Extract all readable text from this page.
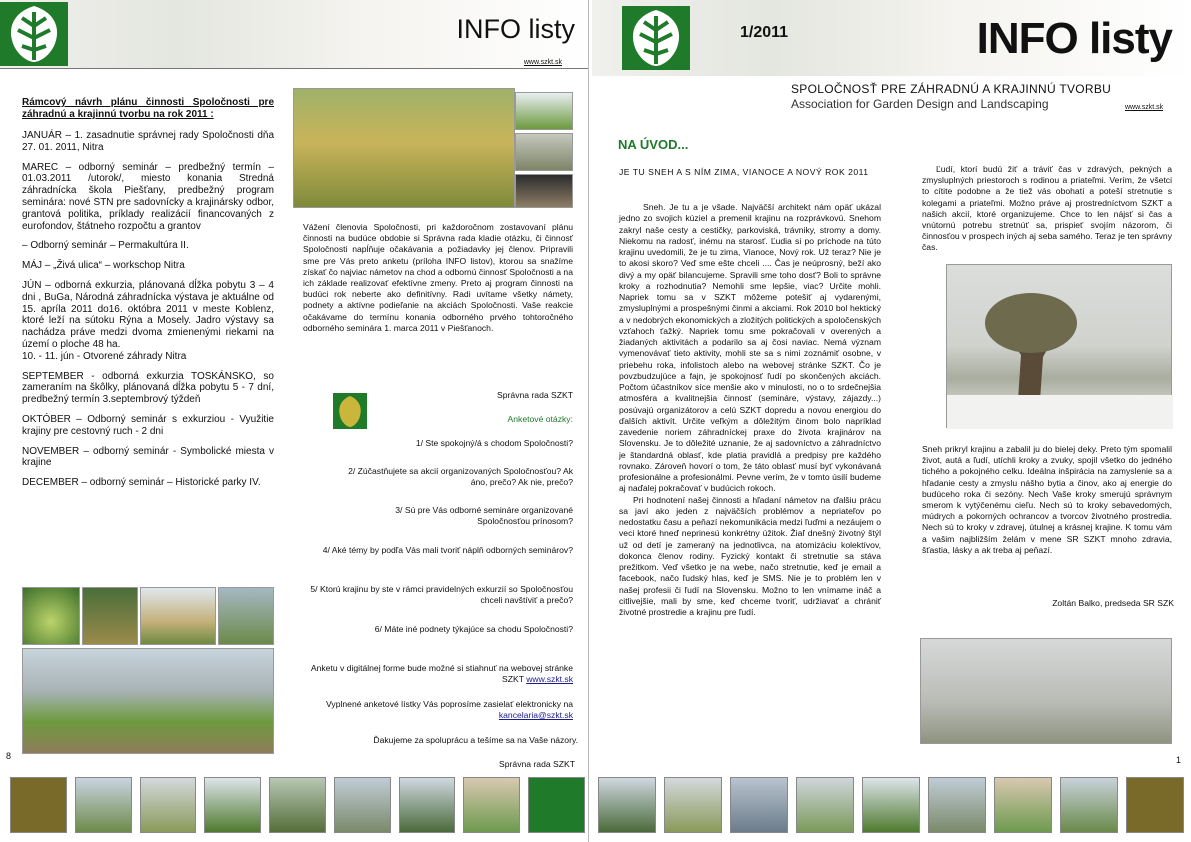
INFO listy
www.szkt.sk
Rámcový návrh plánu činnosti Spoločnosti pre záhradnú a krajinnú tvorbu na rok 2011 :

JANUÁR – 1. zasadnutie správnej rady Spoločnosti dňa 27. 01. 2011, Nitra

MAREC – odborný seminár – predbežný termín – 01.03.2011 /utorok/, miesto konania Stredná záhradnícka škola Piešťany, predbežný program seminára: nové STN pre sadovnícky a krajinársky odbor, grantová politika, príklady realizácií financovaných z eurofondov, štátneho rozpočtu a grantov

– Odborný seminár – Permakultúra II.

MÁJ – „Živá ulica“ – workschop Nitra

JÚN – odborná exkurzia, plánovaná dĺžka pobytu 3 – 4 dni , BuGa, Národná záhradnícka výstava je aktuálne od 15. apríla 2011 do16. októbra 2011 v meste Koblenz, ktoré leží na sútoku Rýna a Mosely. Jadro výstavy sa nachádza práve medzi dvoma zmienenými riekami na území o ploche 48 ha.

10. - 11. jún - Otvorené záhrady Nitra

SEPTEMBER - odborná exkurzia TOSKÁNSKO, so zameraním na škôlky, plánovaná dĺžka pobytu 5 - 7 dní, predbežný termín 3.septembrový týždeň

OKTÓBER – Odborný seminár s exkurziou - Využitie krajiny pre cestovný ruch - 2 dni

NOVEMBER – odborný seminár - Symbolické miesta v krajine

DECEMBER – odborný seminár – Historické parky IV.

Vážení členovia Spoločnosti, pri každoročnom zostavovaní plánu činnosti na budúce obdobie si Správna rada kladie otázku, či činnosť Spoločnosti napĺňuje očakávania a požiadavky jej členov. Pripravili sme pre Vás preto anketu (príloha INFO listov), ktorou sa snažíme získať čo najviac námetov na chod a odbornú činnosť Spoločnosti a na ich základe realizovať efektívne zmeny. Preto aj program činnosti na budúci rok neberte ako definitívny. Radi uvítame všetky námety, podnety a aktívne podieľanie na akciách Spoločnosti. Vaše reakcie očakávame do termínu konania odborného prvého tohtoročného odborného seminára 1. marca 2011 v Piešťanoch.
Správna rada SZKT
Anketové otázky:
1/ Ste spokojný/á s chodom Spoločnosti?
2/ Zúčastňujete sa akcií organizovaných Spoločnosťou? Ak áno, prečo? Ak nie, prečo?
3/ Sú pre Vás odborné semináre organizované Spoločnosťou prínosom?
4/ Aké témy by podľa Vás mali tvoriť náplň odborných seminárov?
5/ Ktorú krajinu by ste v rámci pravidelných exkurzií so Spoločnosťou chceli navštíviť a prečo?
6/ Máte iné podnety týkajúce sa chodu Spoločnosti?
Anketu v digitálnej forme bude možné si stiahnuť na webovej stránke SZKT www.szkt.sk
Vyplnené anketové lístky Vás poprosíme zasielať elektronicky na kancelaria@szkt.sk
Ďakujeme za spoluprácu a tešíme sa na Vaše názory.
Správna rada SZKT
8
1/2011	INFO listy
SPOLOČNOSŤ PRE ZÁHRADNÚ A KRAJINNÚ TVORBU
Association for Garden Design and Landscaping	www.szkt.sk
NA ÚVOD...
JE TU SNEH A S NÍM ZIMA, VIANOCE A NOVÝ ROK 2011
Sneh. Je tu a je všade. Najväčší architekt nám opäť ukázal jedno zo svojich kúziel a premenil krajinu na rozprávkovú. Snehom zakryl naše cesty a cestičky, parkoviská, trávniky, stromy a domy. Niekomu na radosť, inému na starosť. Ľudia si po príchode na túto krajinu uvedomili, že je tu zima, Vianoce, Nový rok. Už teraz? Nie je to akosi skoro? Veď sme ešte chceli .... Čas je neúprosný, beží ako divý a my opäť bilancujeme. Spravili sme toho dosť? Boli to správne kroky a rozhodnutia? Nemohli sme lepšie, viac? Určite mohli. Napriek tomu sa v SZKT môžeme potešiť aj vydarenými, zmysluplnými a prospešnými činmi a akciami. Rok 2010 bol hektický a v nedobrých ekonomických a zložitých politických a spoločenských vzťahoch ťažký. Napriek tomu sme pokračovali v overených a žiadaných aktivitách a podarilo sa aj čosi naviac. Nemá význam vymenovávať tieto aktivity, mohli ste sa s nimi zoznámiť osobne, v priebehu roka, infolistoch alebo na webovej stránke SZKT. Čo je povzbudzujúce a fajn, je spokojnosť ľudí po skončených akciách. Počtom účastníkov síce menšie ako v minulosti, no o to srdečnejšia atmosféra a kvalitnejšia činnosť (semináre, výstavy, zájazdy...) posúvajú organizátorov a celú SZKT dopredu a novou energiou do ďalších aktivít. Určite veľkým a dôležitým činom bolo napríklad zavedenie noriem záhradníckej praxe do života krajinárov na Slovensku. Je to dôležité uznanie, že aj sadovníctvo a záhradníctvo je štandardná oblasť, kde platia pravidlá a predpisy pre každého rovnako. Zároveň hovorí o tom, že táto oblasť musí byť vykonávaná profesionálne a profesionálmi. Pevne verím, že v tomto úsilí budeme aj naďalej pokračovať v budúcich rokoch.
Pri hodnotení našej činnosti a hľadaní námetov na ďalšiu prácu sa javí ako jeden z najväčších problémov a nepriateľov po nedostatku času a peňazí nekomunikácia medzi ľuďmi a nezáujem o veci ktoré hneď neprinesú konkrétny úžitok. Žiaľ dnešný životný štýl už od detí je zameraný na jednotlivca, na atomizáciu kolektívov, dokonca členov rodiny. Fyzický kontakt či stretnutie sa stáva prežitkom. Veď všetko je na webe, načo stretnutie, keď je email a facebook, načo ľudský hlas, keď je SMS. Nie je to problém len v našej profesii či ľudí na Slovensku. Možno to len vnímame ináč a citlivejšie, mali by sme, keď chceme tvoriť, udržiavať a chrániť životné prostredie a krajinu pre ľudí.
Ľudí, ktorí budú žiť a tráviť čas v zdravých, pekných a zmysluplných priestoroch s rodinou a priateľmi. Verím, že všetci to cítite podobne a že tiež vás obohatí a poteší stretnutie s kolegami a priateľmi. Možno práve aj prostredníctvom SZKT a našich akcií, ktoré organizujeme. Chce to len nájsť si čas a vnútornú potrebu stretnúť sa, prispieť svojím názorom, či činnosťou v prospech iných aj seba samého. Teraz je ten správny čas.
Sneh prikryl krajinu a zabalil ju do bielej deky. Preto tým spomalil život, autá a ľudí, utíchli kroky a zvuky, spojil všetko do jedného tichého a pokojného celku. Ideálna inšpirácia na zamyslenie sa a hľadanie cesty a zmyslu nášho bytia a činov, ako aj energie do budúceho roka či sezóny. Nech Vaše kroky smerujú správnym smerom k vytýčenému cieľu. Nech sú to kroky sebavedomých, múdrych a pokorných ochrancov a tvorcov životného prostredia. Nech sú to kroky v zdravej, útulnej a krásnej krajine. K tomu vám a vašim najbližším želám v mene SR SZKT mnoho zdravia, šťastia, lásky a ak treba aj peňazí.
Zoltán Balko, predseda SR SZK
1
